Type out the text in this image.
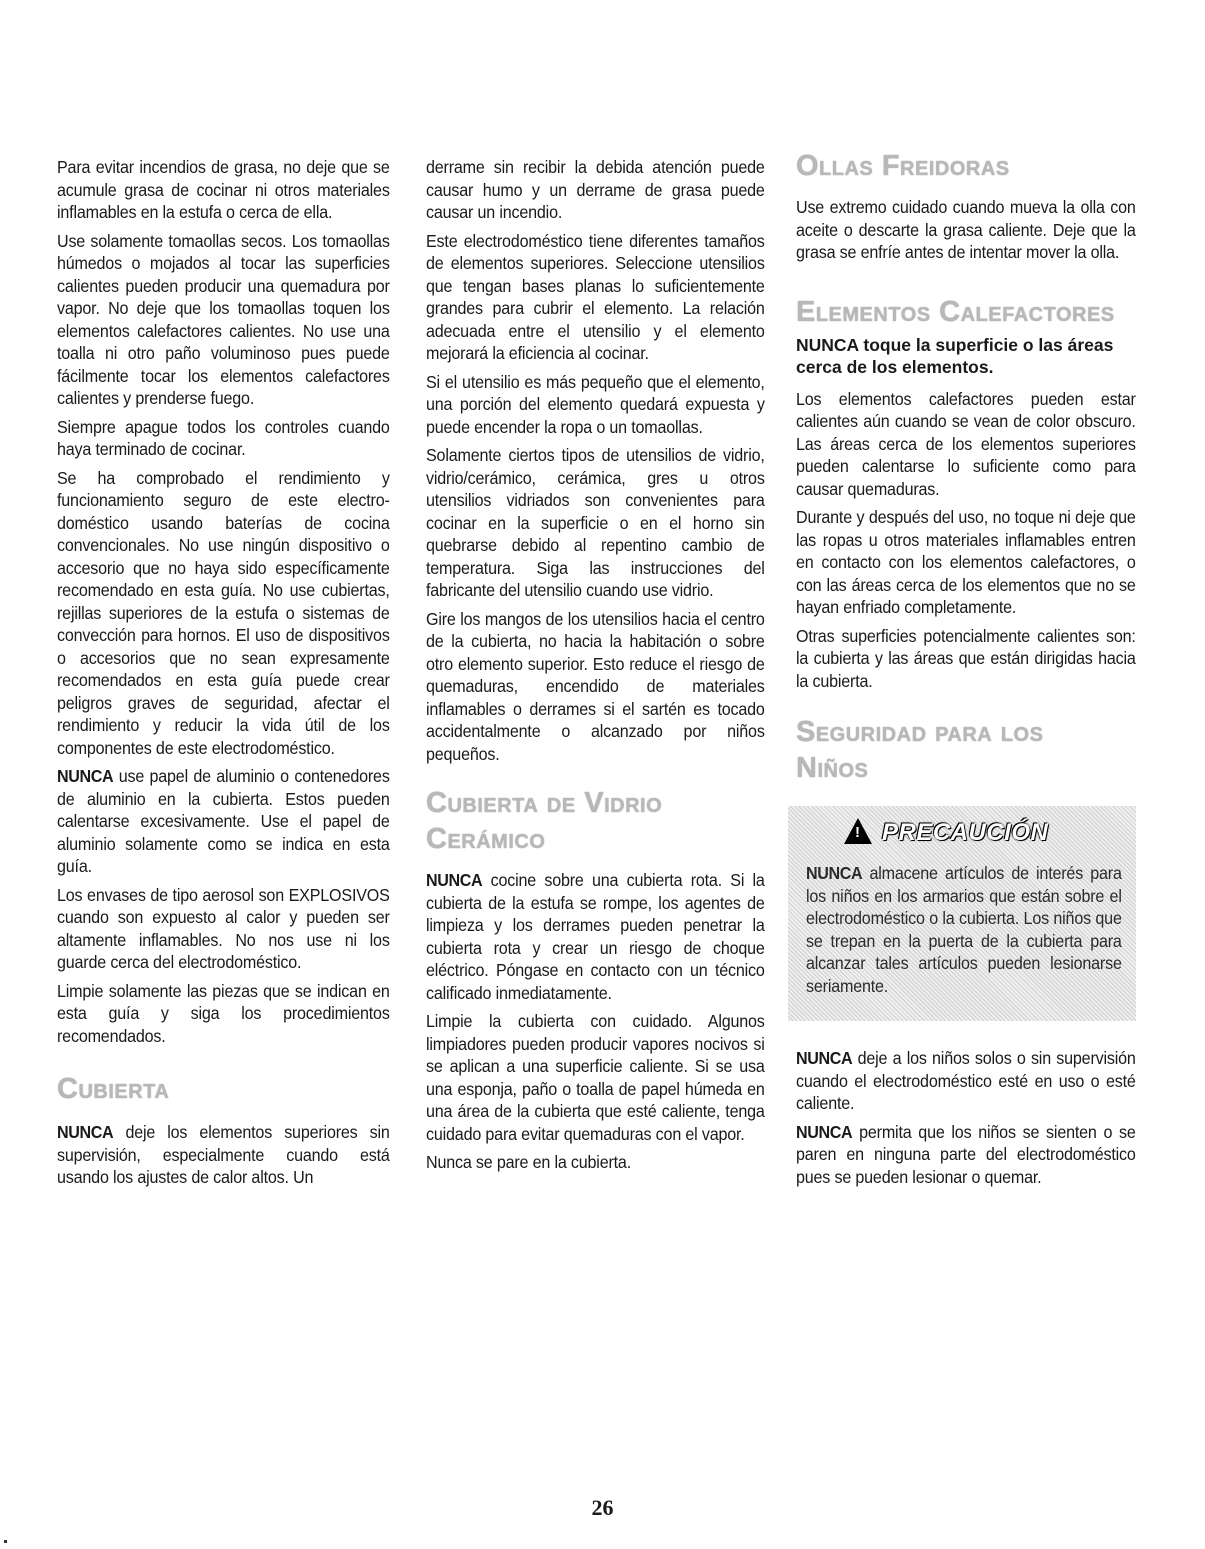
Para evitar incendios de grasa, no deje que se acumule grasa de cocinar ni otros materiales inflamables en la estufa o cerca de ella.

Use solamente tomaollas secos. Los tomaollas húmedos o mojados al tocar las superficies calientes pueden producir una quemadura por vapor. No deje que los tomaollas toquen los elementos calefactores calientes. No use una toalla ni otro paño voluminoso pues puede fácilmente tocar los elementos calefactores calientes y prenderse fuego.

Siempre apague todos los controles cuando haya terminado de cocinar.

Se ha comprobado el rendimiento y funcionamiento seguro de este electro-doméstico usando baterías de cocina convencionales. No use ningún dispositivo o accesorio que no haya sido específicamente recomendado en esta guía. No use cubiertas, rejillas superiores de la estufa o sistemas de convección para hornos. El uso de dispositivos o accesorios que no sean expresamente recomendados en esta guía puede crear peligros graves de seguridad, afectar el rendimiento y reducir la vida útil de los componentes de este electrodoméstico.

NUNCA use papel de aluminio o contenedores de aluminio en la cubierta. Estos pueden calentarse excesivamente. Use el papel de aluminio solamente como se indica en esta guía.

Los envases de tipo aerosol son EXPLOSIVOS cuando son expuesto al calor y pueden ser altamente inflamables. No nos use ni los guarde cerca del electrodoméstico.

Limpie solamente las piezas que se indican en esta guía y siga los procedimientos recomendados.

Cubierta

NUNCA deje los elementos superiores sin supervisión, especialmente cuando está usando los ajustes de calor altos. Un

derrame sin recibir la debida atención puede causar humo y un derrame de grasa puede causar un incendio.

Este electrodoméstico tiene diferentes tamaños de elementos superiores. Seleccione utensilios que tengan bases planas lo suficientemente grandes para cubrir el elemento. La relación adecuada entre el utensilio y el elemento mejorará la eficiencia al cocinar.

Si el utensilio es más pequeño que el elemento, una porción del elemento quedará expuesta y puede encender la ropa o un tomaollas.

Solamente ciertos tipos de utensilios de vidrio, vidrio/cerámico, cerámica, gres u otros utensilios vidriados son convenientes para cocinar en la superficie o en el horno sin quebrarse debido al repentino cambio de temperatura. Siga las instrucciones del fabricante del utensilio cuando use vidrio.

Gire los mangos de los utensilios hacia el centro de la cubierta, no hacia la habitación o sobre otro elemento superior. Esto reduce el riesgo de quemaduras, encendido de materiales inflamables o derrames si el sartén es tocado accidentalmente o alcanzado por niños pequeños.

Cubierta de Vidrio
Cerámico

NUNCA cocine sobre una cubierta rota. Si la cubierta de la estufa se rompe, los agentes de limpieza y los derrames pueden penetrar la cubierta rota y crear un riesgo de choque eléctrico. Póngase en contacto con un técnico calificado inmediatamente.

Limpie la cubierta con cuidado. Algunos limpiadores pueden producir vapores nocivos si se aplican a una superficie caliente. Si se usa una esponja, paño o toalla de papel húmeda en una área de la cubierta que esté caliente, tenga cuidado para evitar quemaduras con el vapor.

Nunca se pare en la cubierta.

Ollas Freidoras

Use extremo cuidado cuando mueva la olla con aceite o descarte la grasa caliente. Deje que la grasa se enfríe antes de intentar mover la olla.

Elementos Calefactores
NUNCA toque la superficie o las áreas cerca de los elementos.

Los elementos calefactores pueden estar calientes aún cuando se vean de color obscuro. Las áreas cerca de los elementos superiores pueden calentarse lo suficiente como para causar quemaduras.

Durante y después del uso, no toque ni deje que las ropas u otros materiales inflamables entren en contacto con los elementos calefactores, o con las áreas cerca de los elementos que no se hayan enfriado completamente.

Otras superficies potencialmente calientes son: la cubierta y las áreas que están dirigidas hacia la cubierta.

Seguridad para los
Niños
! PRECAUCIÓN

NUNCA almacene artículos de interés para los niños en los armarios que están sobre el electrodoméstico o la cubierta. Los niños que se trepan en la puerta de la cubierta para alcanzar tales artículos pueden lesionarse seriamente.

NUNCA deje a los niños solos o sin supervisión cuando el electrodoméstico esté en uso o esté caliente.

NUNCA permita que los niños se sienten o se paren en ninguna parte del electrodoméstico pues se pueden lesionar o quemar.

26
